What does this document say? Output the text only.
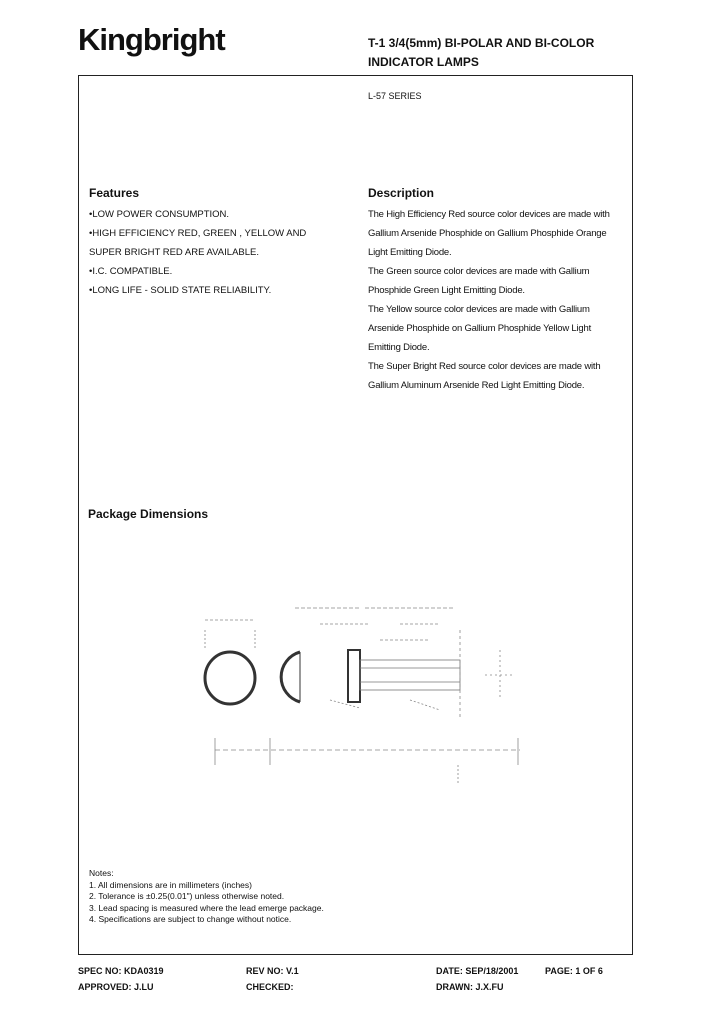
Kingbright	T-1 3/4(5mm) BI-POLAR AND BI-COLOR
INDICATOR LAMPS
L-57 SERIES
Features
•LOW POWER CONSUMPTION.
•HIGH EFFICIENCY RED, GREEN , YELLOW AND
SUPER BRIGHT RED ARE AVAILABLE.
•I.C. COMPATIBLE.
•LONG LIFE - SOLID STATE RELIABILITY.
Description

The High Efficiency Red source color devices are made with Gallium Arsenide Phosphide on Gallium Phosphide Orange Light Emitting Diode.

The Green source color devices are made with Gallium Phosphide Green Light Emitting Diode.

The Yellow source color devices are made with Gallium Arsenide Phosphide on Gallium Phosphide Yellow Light Emitting Diode.

The Super Bright Red source color devices are made with Gallium Aluminum Arsenide Red Light Emitting Diode.

Package Dimensions
Notes:
1. All dimensions are in millimeters (inches)
2. Tolerance is ±0.25(0.01") unless otherwise noted.
3. Lead spacing is measured where the lead emerge package.
4. Specifications are subject to change without notice.
SPEC NO: KDA0319	REV NO: V.1	DATE: SEP/18/2001	PAGE: 1 OF 6
APPROVED: J.LU	CHECKED:	DRAWN: J.X.FU
